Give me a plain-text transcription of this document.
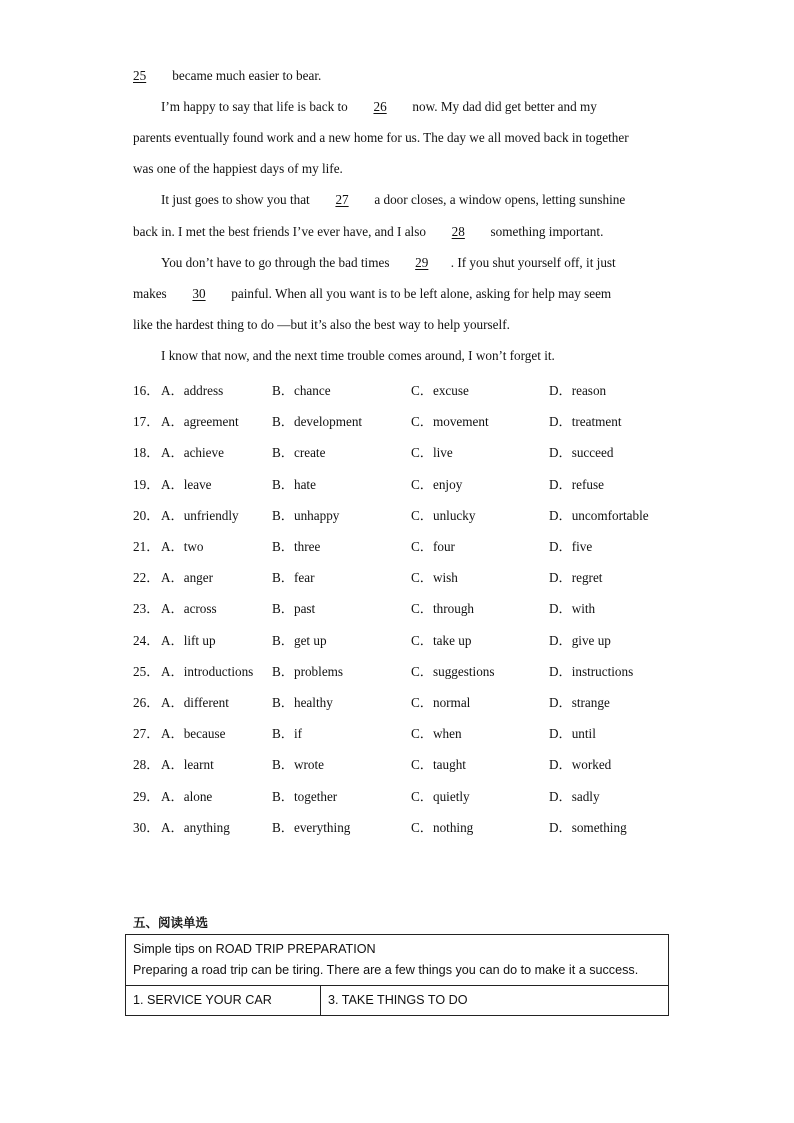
25 became much easier to bear.
I’m happy to say that life is back to 26 now. My dad did get better and my
parents eventually found work and a new home for us. The day we all moved back in together
was one of the happiest days of my life.
It just goes to show you that 27 a door closes, a window opens, letting sunshine
back in. I met the best friends I’ve ever have, and I also 28 something important.
You don’t have to go through the bad times 29 . If you shut yourself off, it just
makes 30 painful. When all you want is to be left alone, asking for help may seem
like the hardest thing to do —but it’s also the best way to help yourself.
I know that now, and the next time trouble comes around, I won’t forget it.
16． A．address	B．chance	C．excuse	D．reason
17． A．agreement	B．development	C．movement	D．treatment
18． A．achieve	B．create	C．live	D．succeed
19． A．leave	B．hate	C．enjoy	D．refuse
20． A．unfriendly	B．unhappy	C．unlucky	D．uncomfortable
21． A．two	B．three	C．four	D．five
22． A．anger	B．fear	C．wish	D．regret
23． A．across	B．past	C．through	D．with
24． A．lift up	B．get up	C．take up	D．give up
25． A．introductions B．problems	C．suggestions	D．instructions
26． A．different	B．healthy	C．normal	D．strange
27． A．because	B．if	C．when	D．until
28． A．learnt	B．wrote	C．taught	D．worked
29． A．alone	B．together	C．quietly	D．sadly
30． A．anything	B．everything	C．nothing	D．something
五、阅读单选
Simple tips on ROAD TRIP PREPARATION
Preparing a road trip can be tiring. There are a few things you can do to make it a success.

1. SERVICE YOUR CAR	3. TAKE THINGS TO DO
